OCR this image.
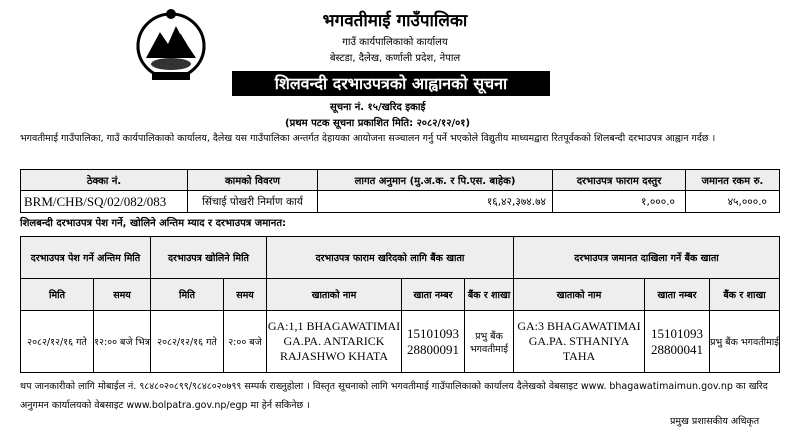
भगवतीमाई गाउँपालिका
गाउँ कार्यपालिकाको कार्यालय
बेस्टडा, दैलेख, कर्णाली प्रदेश, नेपाल
शिलवन्दी दरभाउपत्रको आह्वानको सूचना
सूचना नं. १५/खरिद इकाई
(प्रथम पटक सूचना प्रकाशित मिति: २०८२/१२/०१)
भगवतीमाई गाउँपालिका, गाउँ कार्यपालिकाको कार्यालय, दैलेख यस गाउँपालिका अन्तर्गत देहायका आयोजना सञ्चालन गर्नु पर्ने भएकोले विद्युतीय माध्यमद्वारा रितपूर्वकको शिलबन्दी दरभाउपत्र आह्वान गर्दछ ।
ठेक्का नं.	कामको विवरण	लागत अनुमान (मु.अ.क. र पि.एस. बाहेक)	दरभाउपत्र फाराम दस्तुर	जमानत रकम रु.
BRM/CHB/SQ/02/082/083	सिंचाई पोखरी निर्माण कार्य	१६,४२,३७४.७४	१,०००.०	४५,०००.०
शिलबन्दी दरभाउपत्र पेश गर्ने, खोलिने अन्तिम म्याद र दरभाउपत्र जमानत:
दरभाउपत्र पेश गर्ने अन्तिम मिति		दरभाउपत्र खोलिने मिति		दरभाउपत्र फाराम खरिदको लागि बैंक खाता			दरभाउपत्र जमानत दाखिला गर्ने बैंक खाता		
मिति	समय	मिति	समय	खाताको नाम	खाता नम्बर	बैंक र शाखा	खाताको नाम	खाता नम्बर	बैंक र शाखा
२०८२/१२/१६ गते	१२:०० बजे भित्र	२०८२/१२/१६ गते	२:०० बजे	GA:1,1 BHAGAWATIMAI GA.PA. ANTARICK RAJASHWO KHATA	15101093 28800091	प्रभु बैंक भगवतीमाई	GA:3 BHAGAWATIMAI GA.PA. STHANIYA TAHA	15101093 28800041	प्रभु बैंक भगवतीमाई
थप जानकारीको लागि मोबाईल नं. ९८४८०२०८९९/९८४८०२०७९९ सम्पर्क राख्नुहोला । विस्तृत सूचनाको लागि भगवतीमाई गाउँपालिकाको कार्यालय दैलेखको वेबसाइट www. bhagawatimaimun.gov.np का खरिद अनुगमन कार्यालयको वेबसाइट www.bolpatra.gov.np/egp मा हेर्न सकिनेछ ।
प्रमुख प्रशासकीय अधिकृत
